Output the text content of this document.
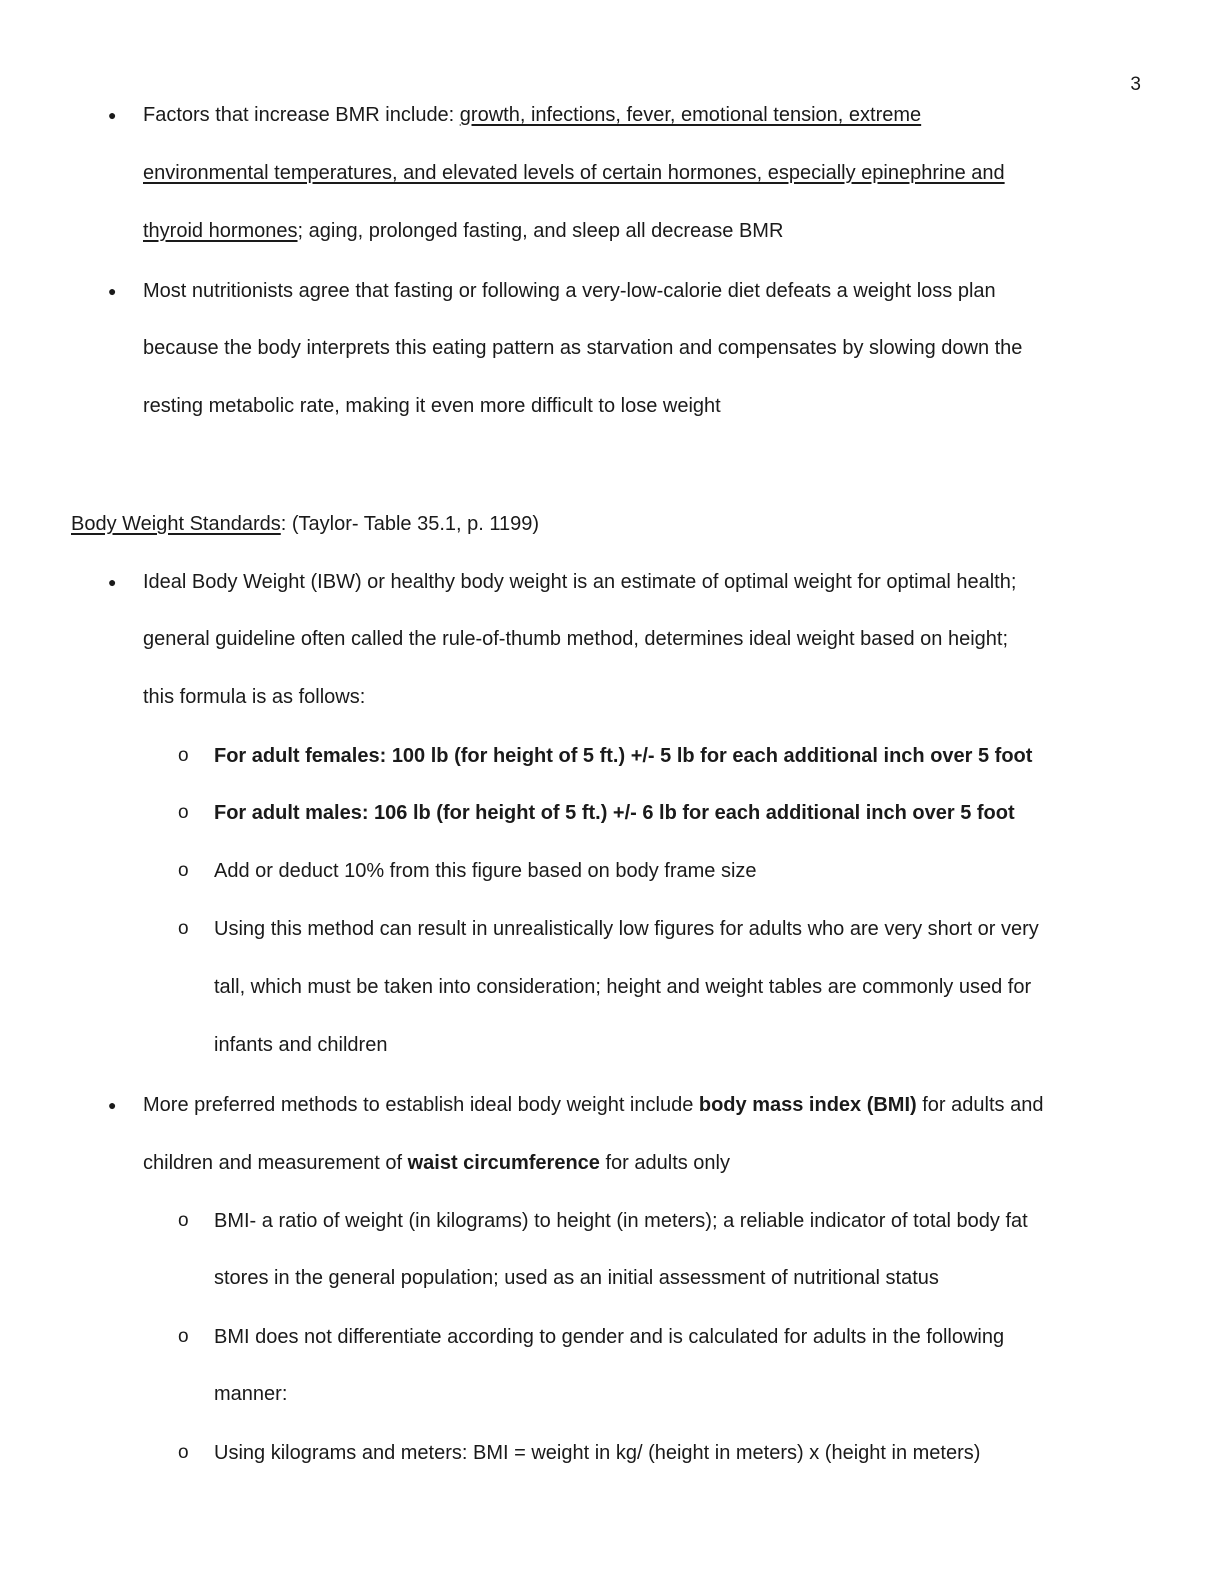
3
● Factors that increase BMR include: growth, infections, fever, emotional tension, extreme
environmental temperatures, and elevated levels of certain hormones, especially epinephrine and
thyroid hormones; aging, prolonged fasting, and sleep all decrease BMR
● Most nutritionists agree that fasting or following a very-low-calorie diet defeats a weight loss plan
because the body interprets this eating pattern as starvation and compensates by slowing down the
resting metabolic rate, making it even more difficult to lose weight
Body Weight Standards: (Taylor- Table 35.1, p. 1199)
● Ideal Body Weight (IBW) or healthy body weight is an estimate of optimal weight for optimal health;
general guideline often called the rule-of-thumb method, determines ideal weight based on height;
this formula is as follows:
o For adult females: 100 lb (for height of 5 ft.) +/- 5 lb for each additional inch over 5 foot
o For adult males: 106 lb (for height of 5 ft.) +/- 6 lb for each additional inch over 5 foot
o Add or deduct 10% from this figure based on body frame size
o Using this method can result in unrealistically low figures for adults who are very short or very
tall, which must be taken into consideration; height and weight tables are commonly used for
infants and children
● More preferred methods to establish ideal body weight include body mass index (BMI) for adults and
children and measurement of waist circumference for adults only
o BMI- a ratio of weight (in kilograms) to height (in meters); a reliable indicator of total body fat
stores in the general population; used as an initial assessment of nutritional status
o BMI does not differentiate according to gender and is calculated for adults in the following
manner:
o Using kilograms and meters: BMI = weight in kg/ (height in meters) x (height in meters)
